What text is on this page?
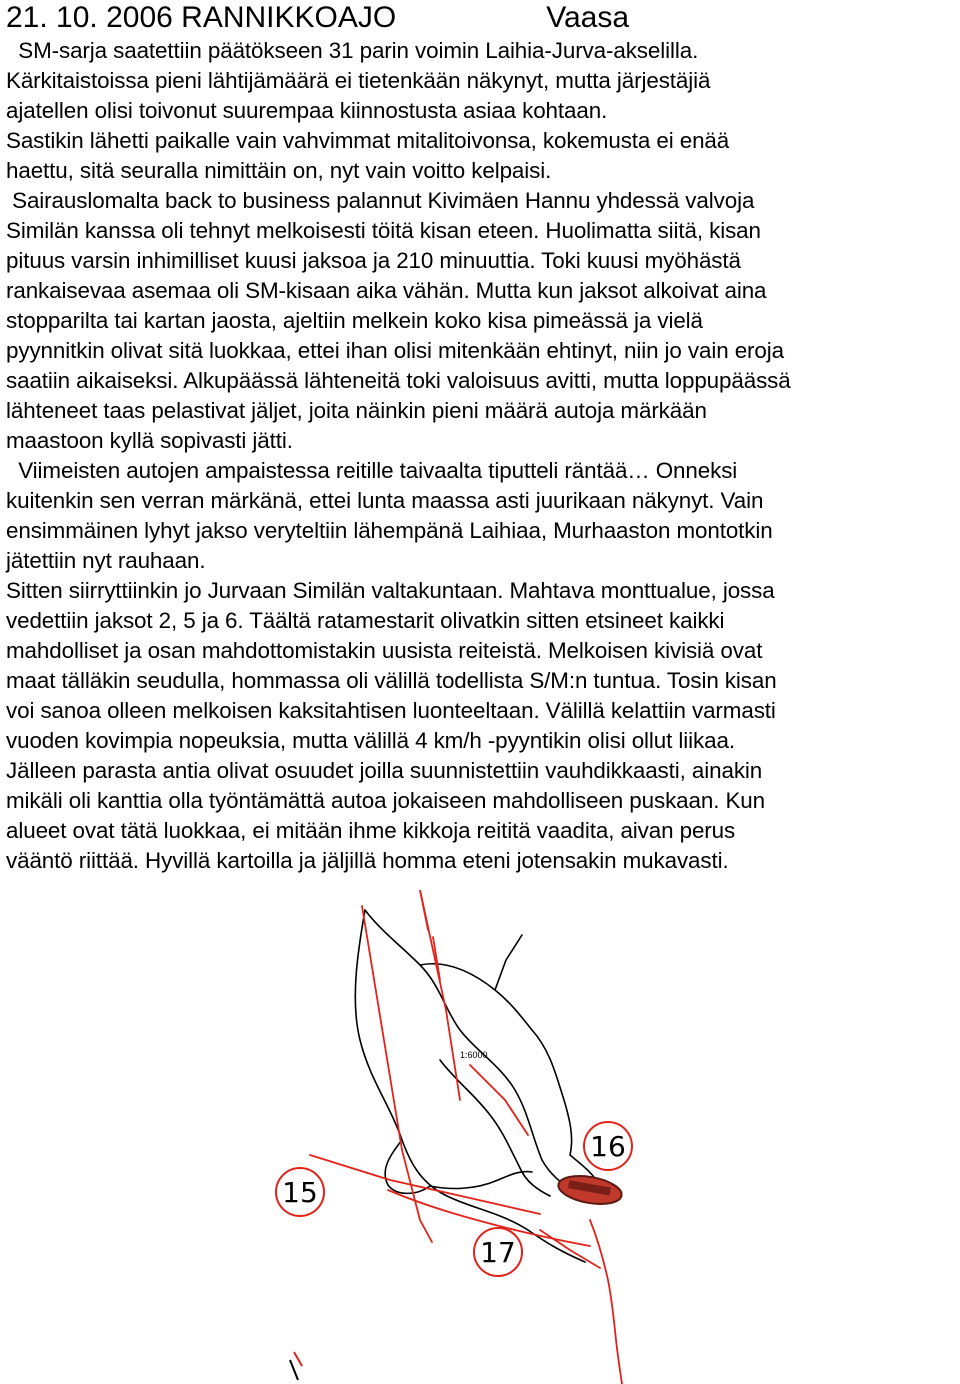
21. 10. 2006 RANNIKKOAJO	Vaasa
SM-sarja saatettiin päätökseen 31 parin voimin Laihia-Jurva-akselilla.
Kärkitaistoissa pieni lähtijämäärä ei tietenkään näkynyt, mutta järjestäjiä
ajatellen olisi toivonut suurempaa kiinnostusta asiaa kohtaan.
Sastikin lähetti paikalle vain vahvimmat mitalitoivonsa, kokemusta ei enää
haettu, sitä seuralla nimittäin on, nyt vain voitto kelpaisi.
Sairauslomalta back to business palannut Kivimäen Hannu yhdessä valvoja
Similän kanssa oli tehnyt melkoisesti töitä kisan eteen. Huolimatta siitä, kisan
pituus varsin inhimilliset kuusi jaksoa ja 210 minuuttia. Toki kuusi myöhästä
rankaisevaa asemaa oli SM-kisaan aika vähän. Mutta kun jaksot alkoivat aina
stopparilta tai kartan jaosta, ajeltiin melkein koko kisa pimeässä ja vielä
pyynnitkin olivat sitä luokkaa, ettei ihan olisi mitenkään ehtinyt, niin jo vain eroja
saatiin aikaiseksi. Alkupäässä lähteneitä toki valoisuus avitti, mutta loppupäässä
lähteneet taas pelastivat jäljet, joita näinkin pieni määrä autoja märkään
maastoon kyllä sopivasti jätti.
Viimeisten autojen ampaistessa reitille taivaalta tiputteli räntää… Onneksi
kuitenkin sen verran märkänä, ettei lunta maassa asti juurikaan näkynyt. Vain
ensimmäinen lyhyt jakso veryteltiin lähempänä Laihiaa, Murhaaston montotkin
jätettiin nyt rauhaan.
Sitten siirryttiinkin jo Jurvaan Similän valtakuntaan. Mahtava monttualue, jossa
vedettiin jaksot 2, 5 ja 6. Täältä ratamestarit olivatkin sitten etsineet kaikki
mahdolliset ja osan mahdottomistakin uusista reiteistä. Melkoisen kivisiä ovat
maat tälläkin seudulla, hommassa oli välillä todellista S/M:n tuntua. Tosin kisan
voi sanoa olleen melkoisen kaksitahtisen luonteeltaan. Välillä kelattiin varmasti
vuoden kovimpia nopeuksia, mutta välillä 4 km/h -pyyntikin olisi ollut liikaa.
Jälleen parasta antia olivat osuudet joilla suunnistettiin vauhdikkaasti, ainakin
mikäli oli kanttia olla työntämättä autoa jokaiseen mahdolliseen puskaan. Kun
alueet ovat tätä luokkaa, ei mitään ihme kikkoja reititä vaadita, aivan perus
vääntö riittää. Hyvillä kartoilla ja jäljillä homma eteni jotensakin mukavasti.
1:6000
16
15
17
